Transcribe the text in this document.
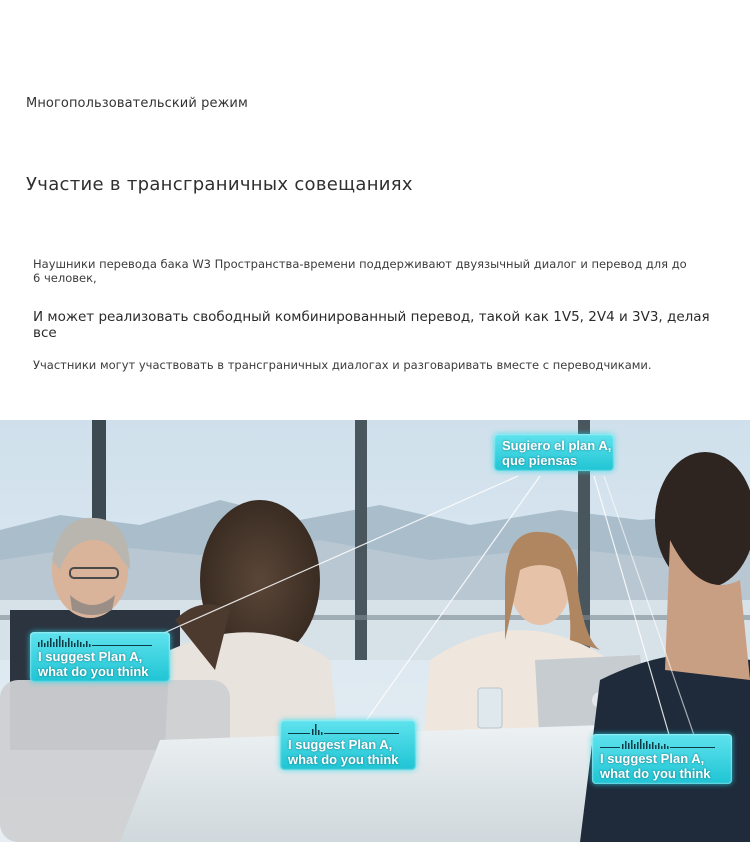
Многопользовательский режим
Участие в трансграничных совещаниях
Наушники перевода бака W3 Пространства-времени поддерживают двуязычный диалог и перевод для до 6 человек,
И может реализовать свободный комбинированный перевод, такой как 1V5, 2V4 и 3V3, делая все
Участники могут участвовать в трансграничных диалогах и разговаривать вместе с переводчиками.
Sugiero el plan A,
que piensas
I suggest Plan A,
what do you think
I suggest Plan A,
what do you think	I suggest Plan A,
what do you think
